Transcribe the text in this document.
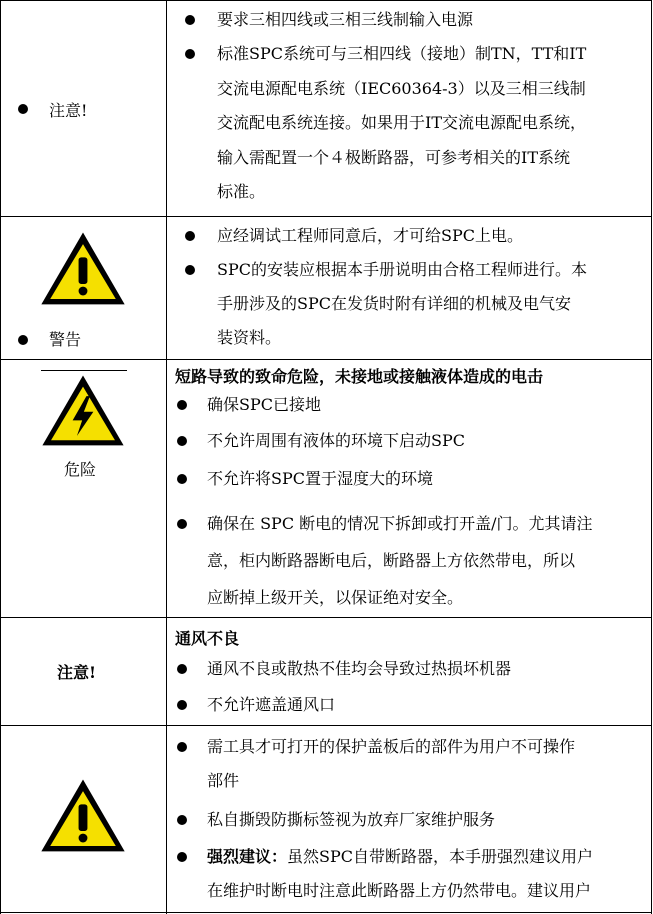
注意!
要求三相四线或三相三线制输入电源
标准SPC系统可与三相四线（接地）制TN，TT和IT
交流电源配电系统（IEC60364-3）以及三相三线制
交流配电系统连接。如果用于IT交流电源配电系统，
输入需配置一个４极断路器，可参考相关的IT系统
标准。
警告
应经调试工程师同意后，才可给SPC上电。
SPC的安装应根据本手册说明由合格工程师进行。本
手册涉及的SPC在发货时附有详细的机械及电气安
装资料。
危险
短路导致的致命危险，未接地或接触液体造成的电击
确保SPC已接地
不允许周围有液体的环境下启动SPC
不允许将SPC置于湿度大的环境
确保在 SPC 断电的情况下拆卸或打开盖/门。尤其请注
意，柜内断路器断电后，断路器上方依然带电，所以
应断掉上级开关，以保证绝对安全。
注意!
通风不良
通风不良或散热不佳均会导致过热损坏机器
不允许遮盖通风口
需工具才可打开的保护盖板后的部件为用户不可操作
部件
私自撕毁防撕标签视为放弃厂家维护服务
强烈建议：虽然SPC自带断路器，本手册强烈建议用户
在维护时断电时注意此断路器上方仍然带电。建议用户
